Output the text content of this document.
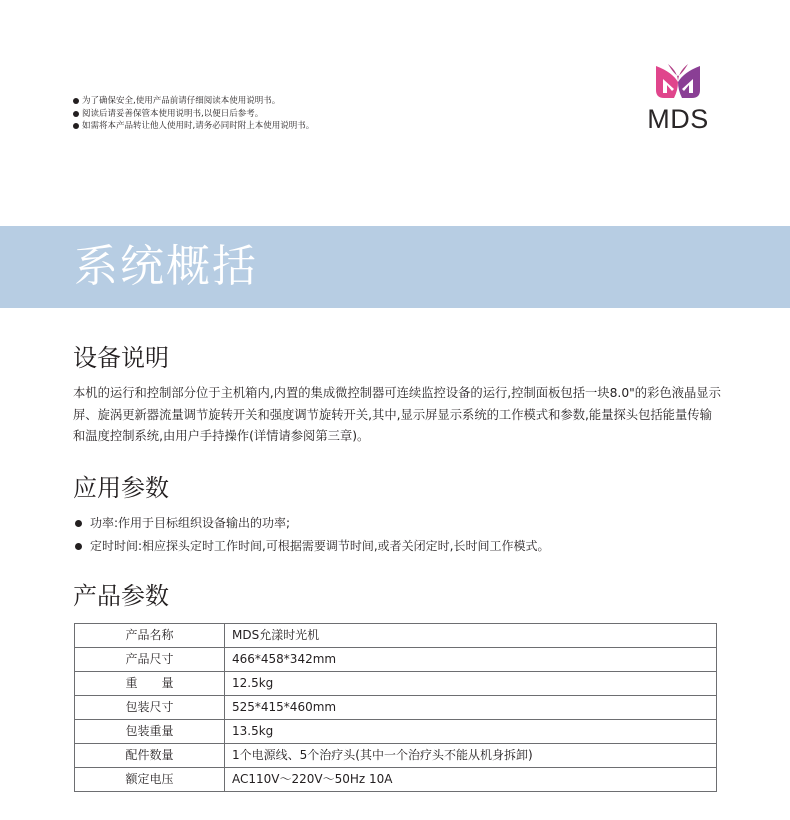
为了确保安全,使用产品前请仔细阅读本使用说明书。
阅读后请妥善保管本使用说明书,以便日后参考。
如需将本产品转让他人使用时,请务必同时附上本使用说明书。	MDS
系统概括
设备说明

本机的运行和控制部分位于主机箱内,内置的集成微控制器可连续监控设备的运行,控制面板包括一块8.0"的彩色液晶显示屏、旋涡更新器流量调节旋转开关和强度调节旋转开关,其中,显示屏显示系统的工作模式和参数,能量探头包括能量传输和温度控制系统,由用户手持操作(详情请参阅第三章)。

应用参数
功率:作用于目标组织设备输出的功率;
定时时间:相应探头定时工作时间,可根据需要调节时间,或者关闭定时,长时间工作模式。
产品参数
产品名称	MDS允漾时光机
产品尺寸	466*458*342mm
重　　量	12.5kg
包装尺寸	525*415*460mm
包装重量	13.5kg
配件数量	1个电源线、5个治疗头(其中一个治疗头不能从机身拆卸)
额定电压	AC110V～220V～50Hz 10A
